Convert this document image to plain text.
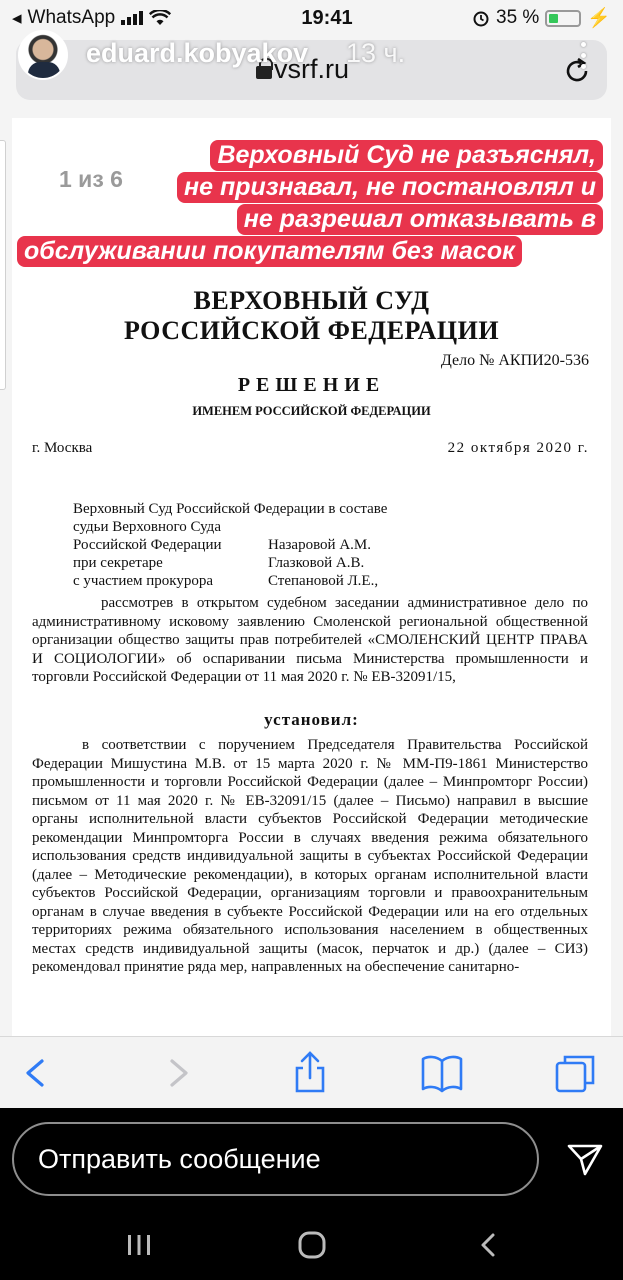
◂ WhatsApp	19:41	35 %	⚡
vsrf.ru
1 из 6
ВЕРХОВНЫЙ СУД
РОССИЙСКОЙ ФЕДЕРАЦИИ
Дело № АКПИ20-536
РЕШЕНИЕ
ИМЕНЕМ РОССИЙСКОЙ ФЕДЕРАЦИИ
г. Москва	22 октября 2020 г.
Верховный Суд Российской Федерации в составе
судьи Верховного Суда
Российской Федерации	Назаровой А.М.
при секретаре	Глазковой А.В.
с участием прокурора	Степановой Л.Е.,
рассмотрев в открытом судебном заседании административное дело по административному исковому заявлению Смоленской региональной общественной организации общество защиты прав потребителей «СМОЛЕНСКИЙ ЦЕНТР ПРАВА И СОЦИОЛОГИИ» об оспаривании письма Министерства промышленности и торговли Российской Федерации от 11 мая 2020 г. № ЕВ-32091/15,
установил:
в соответствии с поручением Председателя Правительства Российской Федерации Мишустина М.В. от 15 марта 2020 г. № ММ-П9-1861 Министерство промышленности и торговли Российской Федерации (далее – Минпромторг России) письмом от 11 мая 2020 г. № ЕВ-32091/15 (далее – Письмо) направил в высшие органы исполнительной власти субъектов Российской Федерации методические рекомендации Минпромторга России в случаях введения режима обязательного использования средств индивидуальной защиты в субъектах Российской Федерации (далее – Методические рекомендации), в которых органам исполнительной власти субъектов Российской Федерации, организациям торговли и правоохранительным органам в случае введения в субъекте Российской Федерации или на его отдельных территориях режима обязательного использования населением в общественных местах средств индивидуальной защиты (масок, перчаток и др.) (далее – СИЗ) рекомендовал принятие ряда мер, направленных на обеспечение санитарно-
Верховный Суд не разъяснял,
не признавал, не постановлял и
не разрешал отказывать в
обслуживании покупателям без масок
eduard.kobyakov 13 ч.
Отправить сообщение
